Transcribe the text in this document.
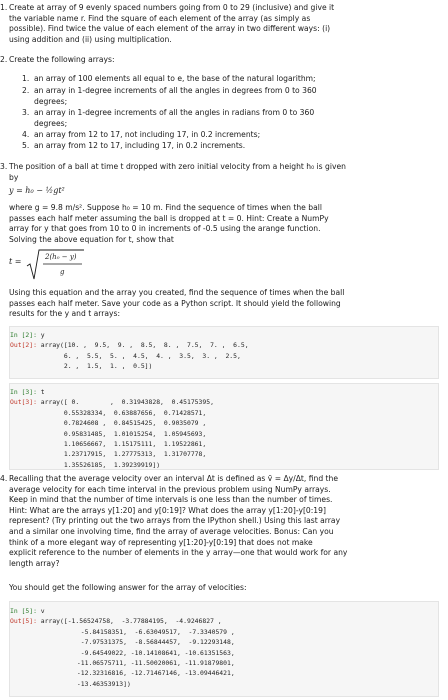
1. Create at array of 9 evenly spaced numbers going from 0 to 29 (inclusive) and give it

the variable name r. Find the square of each element of the array (as simply as

possible). Find twice the value of each element of the array in two different ways: (i)

using addition and (ii) using multiplication.

2. Create the following arrays:
1. an array of 100 elements all equal to e, the base of the natural logarithm;
2. an array in 1-degree increments of all the angles in degrees from 0 to 360
degrees;
3. an array in 1-degree increments of all the angles in radians from 0 to 360
degrees;
4. an array from 12 to 17, not including 17, in 0.2 increments;
5. an array from 12 to 17, including 17, in 0.2 increments.
3. The position of a ball at time t dropped with zero initial velocity from a height h₀ is given

by

y = h₀ − ½gt²

where g = 9.8 m/s². Suppose h₀ = 10 m. Find the sequence of times when the ball

passes each half meter assuming the ball is dropped at t = 0. Hint: Create a NumPy

array for y that goes from 10 to 0 in increments of -0.5 using the arange function.

Solving the above equation for t, show that

t =	2(h₀ − y)
g

Using this equation and the array you created, find the sequence of times when the ball

passes each half meter. Save your code as a Python script. It should yield the following

results for the y and t arrays:

In [2]: y
Out[2]: array([10. ,  9.5,  9. ,  8.5,  8. ,  7.5,  7. ,  6.5,
6. ,  5.5,  5. ,  4.5,  4. ,  3.5,  3. ,  2.5,
2. ,  1.5,  1. ,  0.5])
In [3]: t
Out[3]: array([ 0.        ,  0.31943828,  0.45175395,
0.55328334,  0.63887656,  0.71428571,
0.7824608 ,  0.84515425,  0.9035079 ,
0.95831485,  1.01015254,  1.05945693,
1.10656667,  1.15175111,  1.19522861,
1.23717915,  1.27775313,  1.31707778,
1.35526185,  1.39239919])
4. Recalling that the average velocity over an interval Δt is defined as v̄ = Δy/Δt, find the

average velocity for each time interval in the previous problem using NumPy arrays.

Keep in mind that the number of time intervals is one less than the number of times.

Hint: What are the arrays y[1:20] and y[0:19]? What does the array y[1:20]-y[0:19]

represent? (Try printing out the two arrays from the IPython shell.) Using this last array

and a similar one involving time, find the array of average velocities. Bonus: Can you

think of a more elegant way of representing y[1:20]-y[0:19] that does not make

explicit reference to the number of elements in the y array—one that would work for any

length array?

You should get the following answer for the array of velocities:
In [5]: v
Out[5]: array([-1.56524758,  -3.77884195,  -4.9246827 ,
-5.84158351,  -6.63049517,  -7.3340579 ,
-7.97531375,  -8.56844457,  -9.12293148,
-9.64549022, -10.14108641, -10.61351563,
-11.06575711, -11.50020061, -11.91879801,
-12.32316816, -12.71467146, -13.09446421,
-13.46353913])
